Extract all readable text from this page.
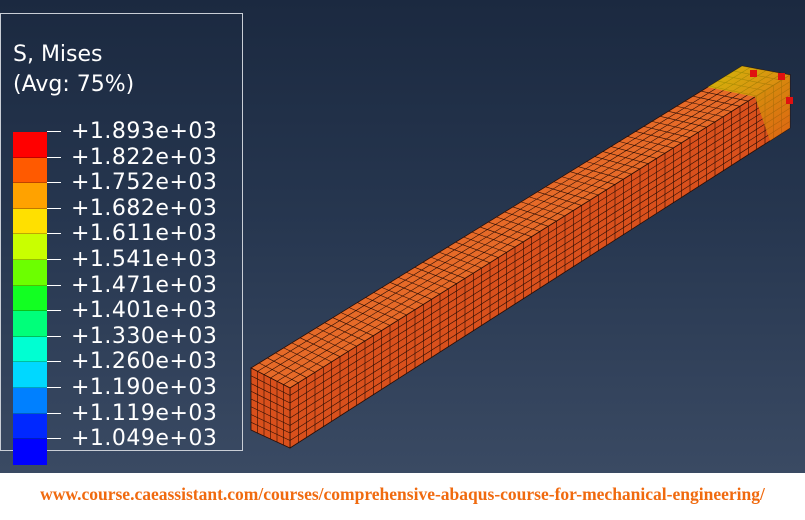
S, Mises
(Avg: 75%)
+1.893e+03
+1.822e+03
+1.752e+03
+1.682e+03
+1.611e+03
+1.541e+03
+1.471e+03
+1.401e+03
+1.330e+03
+1.260e+03
+1.190e+03
+1.119e+03
+1.049e+03
www.course.caeassistant.com/courses/comprehensive-abaqus-course-for-mechanical-engineering/
